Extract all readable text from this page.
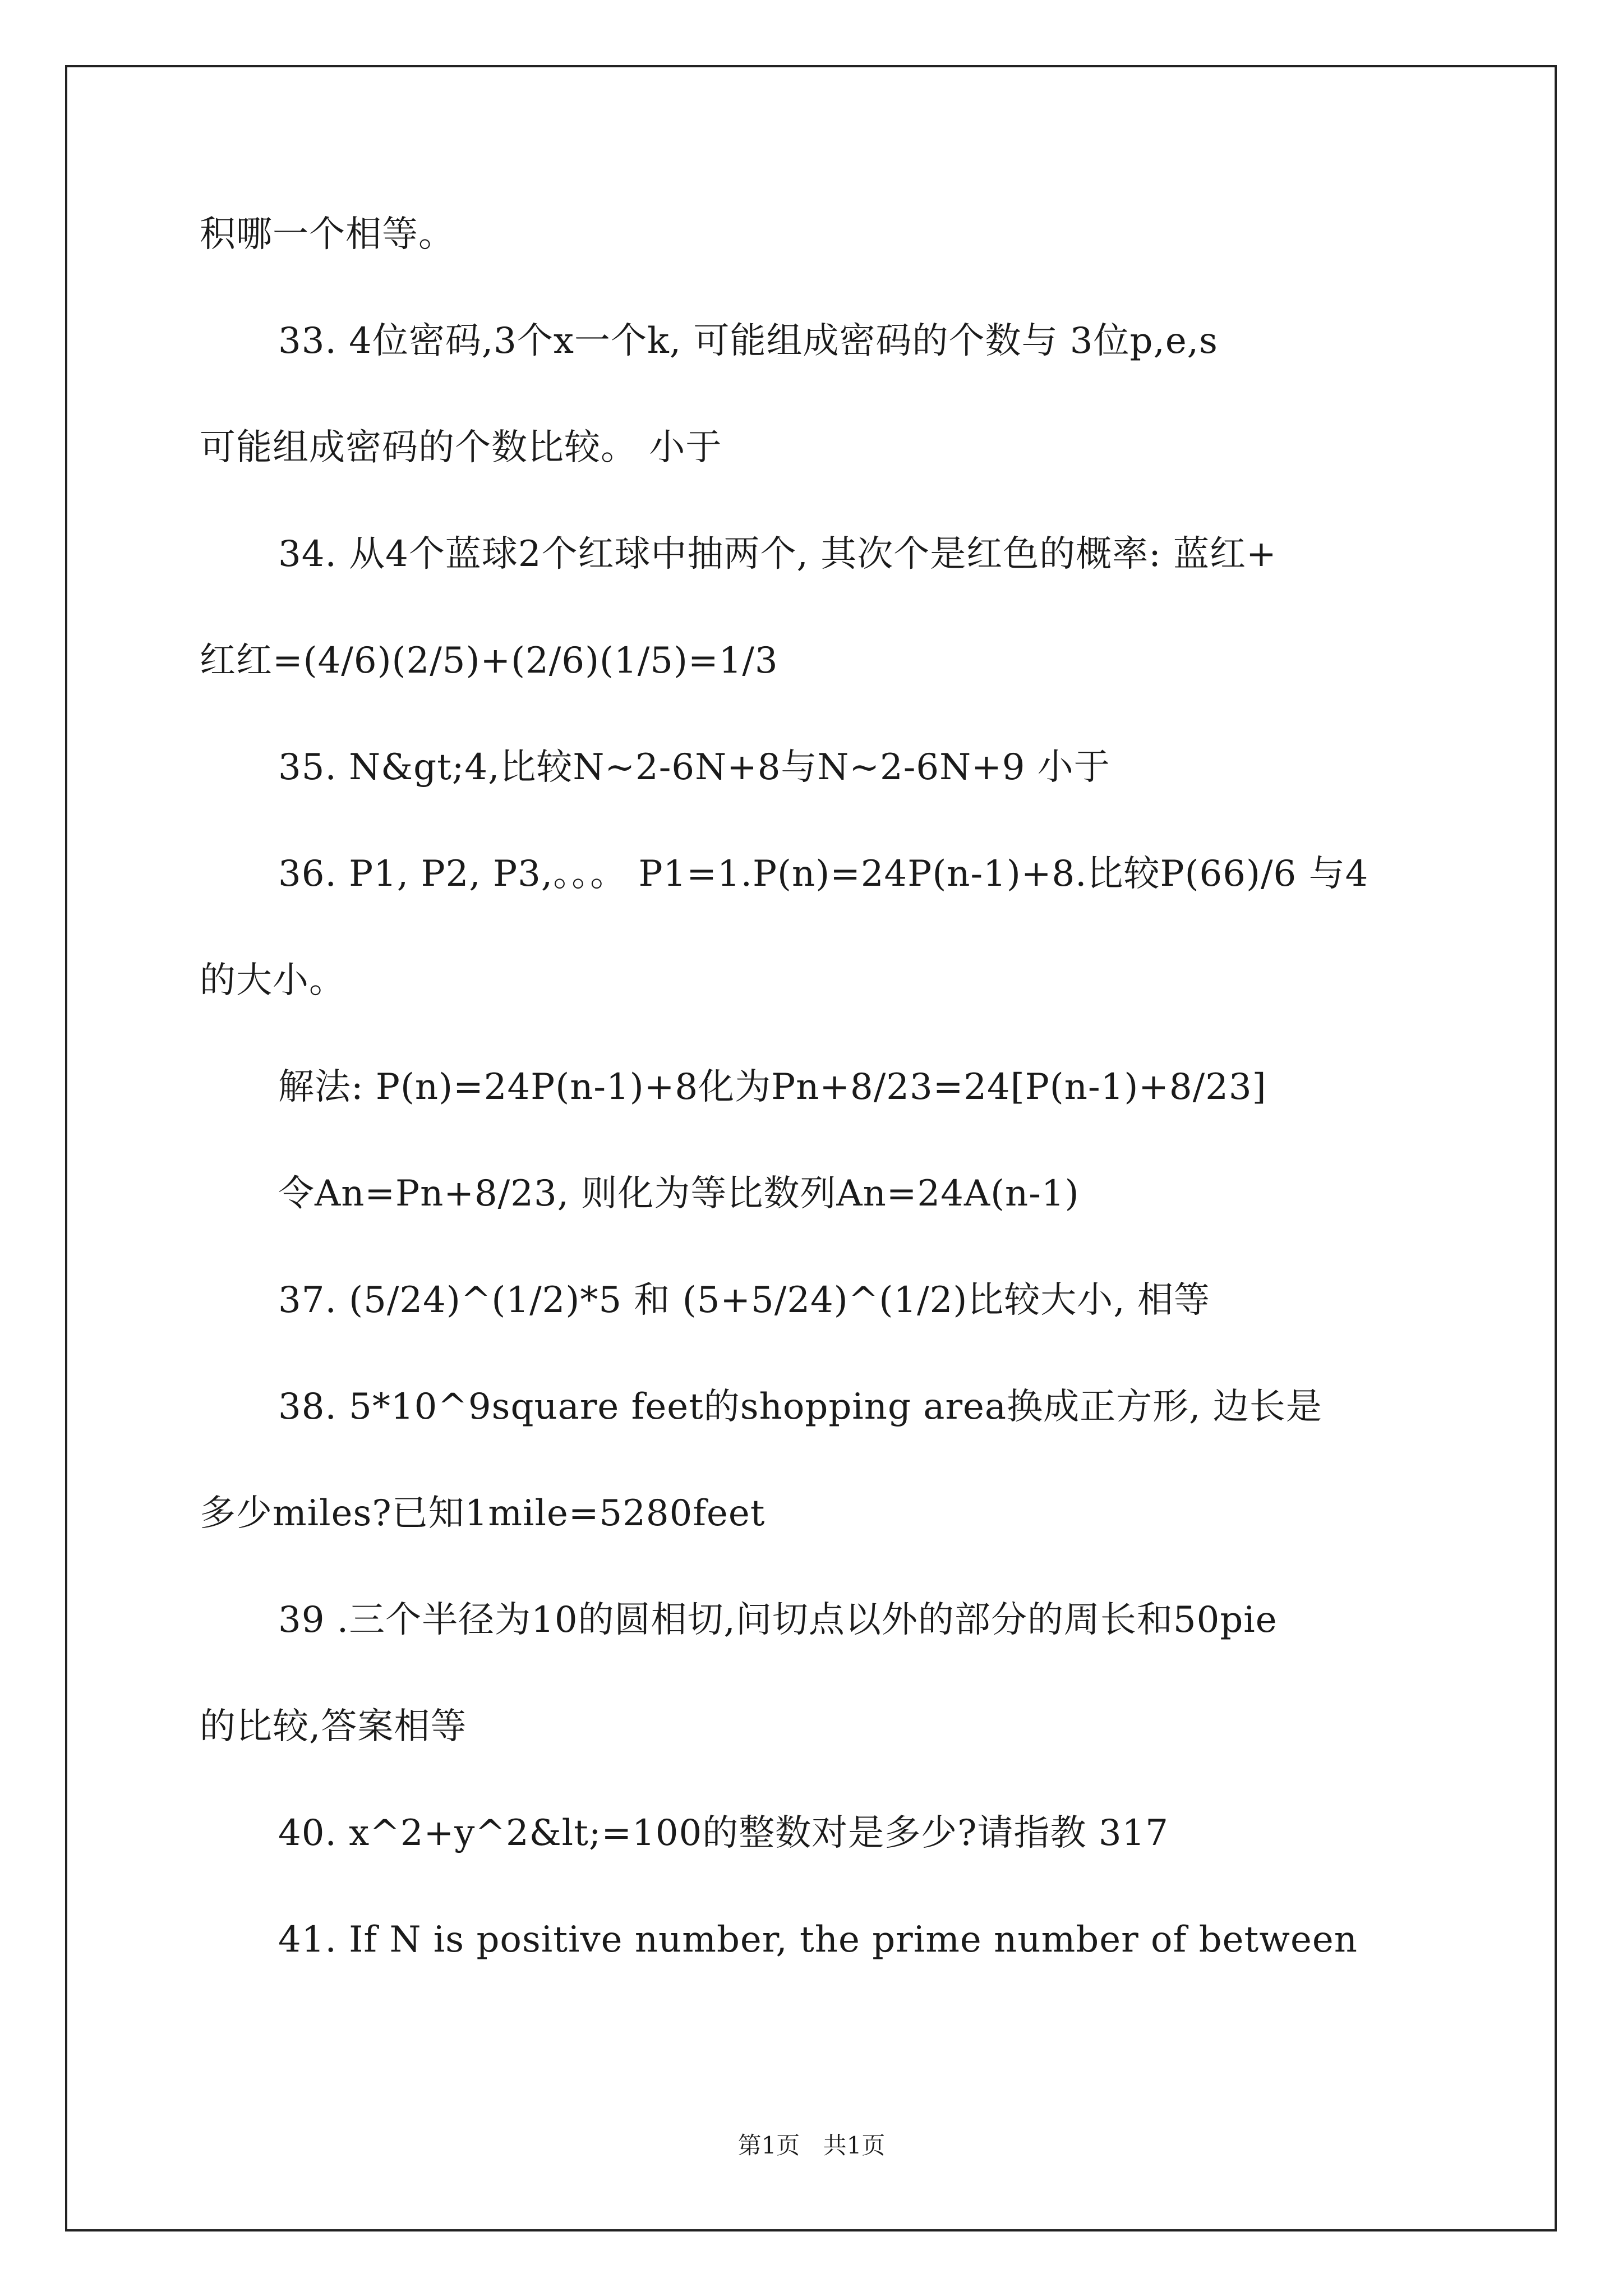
积哪一个相等。
33. 4位密码,3个x一个k, 可能组成密码的个数与 3位p,e,s
可能组成密码的个数比较。 小于
34. 从4个蓝球2个红球中抽两个, 其次个是红色的概率: 蓝红+
红红=(4/6)(2/5)+(2/6)(1/5)=1/3
35. N&gt;4,比较N~2-6N+8与N~2-6N+9 小于
36. P1, P2, P3,。。。 P1=1.P(n)=24P(n-1)+8.比较P(66)/6 与4
的大小。
解法: P(n)=24P(n-1)+8化为Pn+8/23=24[P(n-1)+8/23]
令An=Pn+8/23, 则化为等比数列An=24A(n-1)
37. (5/24)^(1/2)*5 和 (5+5/24)^(1/2)比较大小, 相等
38. 5*10^9square feet的shopping area换成正方形, 边长是
多少miles?已知1mile=5280feet
39 .三个半径为10的圆相切,问切点以外的部分的周长和50pie
的比较,答案相等
40. x^2+y^2&lt;=100的整数对是多少?请指教 317
41. If N is positive number, the prime number of between
第1页 共1页
